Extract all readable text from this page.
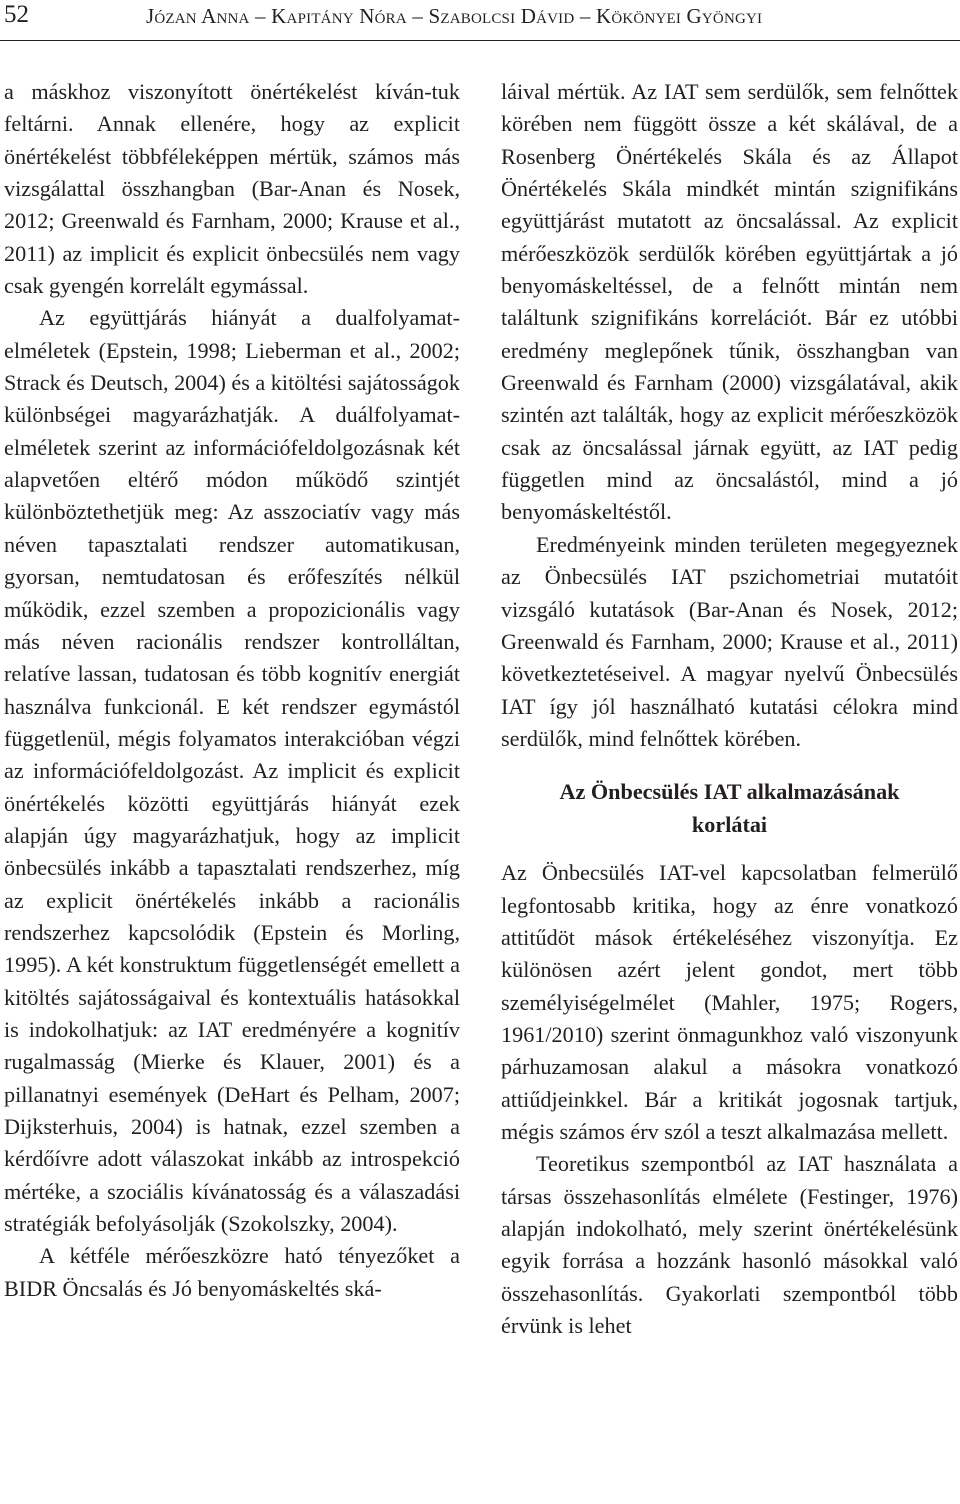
52	Józan Anna – Kapitány Nóra – Szabolcsi Dávid – Kökönyei Gyöngyi

a máskhoz viszonyított önértékelést kíván-tuk feltárni. Annak ellenére, hogy az explicit önértékelést többféleképpen mértük, számos más vizsgálattal összhangban (Bar-Anan és Nosek, 2012; Greenwald és Farnham, 2000; Krause et al., 2011) az implicit és explicit önbecsülés nem vagy csak gyengén korrelált egymással.

Az együttjárás hiányát a dualfolyamat-elméletek (Epstein, 1998; Lieberman et al., 2002; Strack és Deutsch, 2004) és a kitöltési sajátosságok különbségei magyarázhatják. A duálfolyamat-elméletek szerint az információfeldolgozásnak két alapvetően eltérő módon működő szintjét különböztethetjük meg: Az asszociatív vagy más néven tapasztalati rendszer automatikusan, gyorsan, nemtudatosan és erőfeszítés nélkül működik, ezzel szemben a propozicionális vagy más néven racionális rendszer kontrolláltan, relatíve lassan, tudatosan és több kognitív energiát használva funkcionál. E két rendszer egymástól függetlenül, mégis folyamatos interakcióban végzi az információfeldolgozást. Az implicit és explicit önértékelés közötti együttjárás hiányát ezek alapján úgy magyarázhatjuk, hogy az implicit önbecsülés inkább a tapasztalati rendszerhez, míg az explicit önértékelés inkább a racionális rendszerhez kapcsolódik (Epstein és Morling, 1995). A két konstruktum függetlenségét emellett a kitöltés sajátosságaival és kontextuális hatásokkal is indokolhatjuk: az IAT eredményére a kognitív rugalmasság (Mierke és Klauer, 2001) és a pillanatnyi események (DeHart és Pelham, 2007; Dijksterhuis, 2004) is hatnak, ezzel szemben a kérdőívre adott válaszokat inkább az introspekció mértéke, a szociális kívánatosság és a válaszadási stratégiák befolyásolják (Szokolszky, 2004).

A kétféle mérőeszközre ható tényezőket a BIDR Öncsalás és Jó benyomáskeltés ská-

láival mértük. Az IAT sem serdülők, sem felnőttek körében nem függött össze a két skálával, de a Rosenberg Önértékelés Skála és az Állapot Önértékelés Skála mindkét mintán szignifikáns együttjárást mutatott az öncsalással. Az explicit mérőeszközök serdülők körében együttjártak a jó benyomáskeltéssel, de a felnőtt mintán nem találtunk szignifikáns korrelációt. Bár ez utóbbi eredmény meglepőnek tűnik, összhangban van Greenwald és Farnham (2000) vizsgálatával, akik szintén azt találták, hogy az explicit mérőeszközök csak az öncsalással járnak együtt, az IAT pedig független mind az öncsalástól, mind a jó benyomáskeltéstől.

Eredményeink minden területen megegyeznek az Önbecsülés IAT pszichometriai mutatóit vizsgáló kutatások (Bar-Anan és Nosek, 2012; Greenwald és Farnham, 2000; Krause et al., 2011) következtetéseivel. A magyar nyelvű Önbecsülés IAT így jól használható kutatási célokra mind serdülők, mind felnőttek körében.

Az Önbecsülés IAT alkalmazásának korlátai

Az Önbecsülés IAT-vel kapcsolatban felmerülő legfontosabb kritika, hogy az énre vonatkozó attitűdöt mások értékeléséhez viszonyítja. Ez különösen azért jelent gondot, mert több személyiségelmélet (Mahler, 1975; Rogers, 1961/2010) szerint önmagunkhoz való viszonyunk párhuzamosan alakul a mások​ra vonatkozó attiűdjeinkkel. Bár a kritikát jogosnak tartjuk, mégis számos érv szól a teszt alkalmazása mellett.

Teoretikus szempontból az IAT használata a társas összehasonlítás elmélete (Festinger, 1976) alapján indokolható, mely szerint önértékelésünk egyik forrása a hozzánk hasonló másokkal való összehasonlítás. Gyakorlati szempontból több érvünk is lehet
